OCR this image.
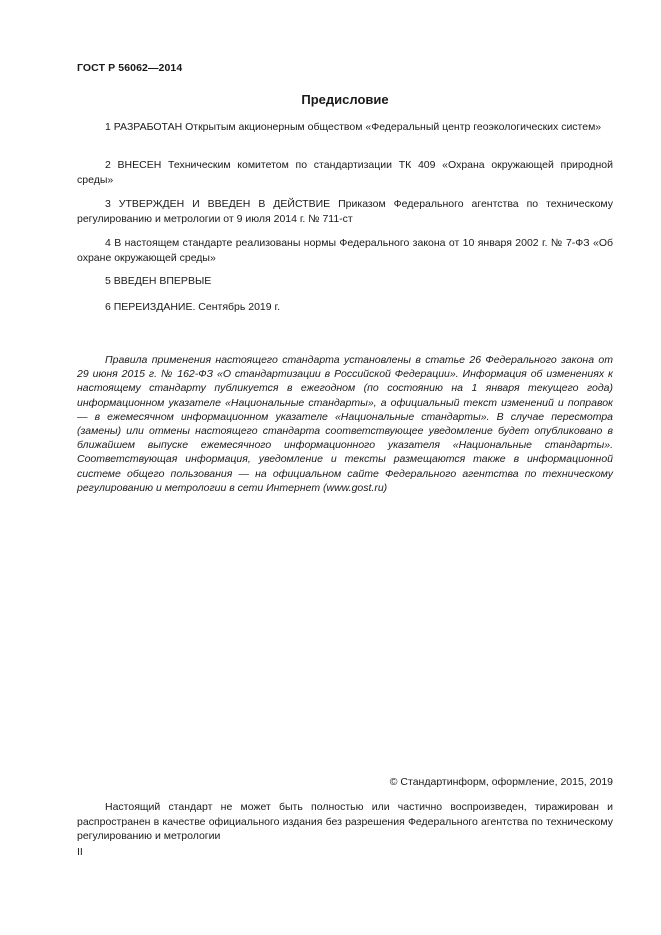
ГОСТ Р 56062—2014
Предисловие

1 РАЗРАБОТАН Открытым акционерным обществом «Федеральный центр геоэкологических систем»

2 ВНЕСЕН Техническим комитетом по стандартизации ТК 409 «Охрана окружающей природной среды»

3 УТВЕРЖДЕН И ВВЕДЕН В ДЕЙСТВИЕ Приказом Федерального агентства по техническому регулированию и метрологии от 9 июля 2014 г. № 711-ст

4 В настоящем стандарте реализованы нормы Федерального закона от 10 января 2002 г. № 7-ФЗ «Об охране окружающей среды»

5 ВВЕДЕН ВПЕРВЫЕ

6 ПЕРЕИЗДАНИЕ. Сентябрь 2019 г.

Правила применения настоящего стандарта установлены в статье 26 Федерального закона от 29 июня 2015 г. № 162-ФЗ «О стандартизации в Российской Федерации». Информация об изменениях к настоящему стандарту публикуется в ежегодном (по состоянию на 1 января текущего года) информационном указателе «Национальные стандарты», а официальный текст изменений и поправок — в ежемесячном информационном указателе «Национальные стандарты». В случае пересмотра (замены) или отмены настоящего стандарта соответствующее уведомление будет опубликовано в ближайшем выпуске ежемесячного информационного указателя «Национальные стандарты». Соответствующая информация, уведомление и тексты размещаются также в информационной системе общего пользования — на официальном сайте Федерального агентства по техническому регулированию и метрологии в сети Интернет (www.gost.ru)

© Стандартинформ, оформление, 2015, 2019

Настоящий стандарт не может быть полностью или частично воспроизведен, тиражирован и распространен в качестве официального издания без разрешения Федерального агентства по техническому регулированию и метрологии

II
